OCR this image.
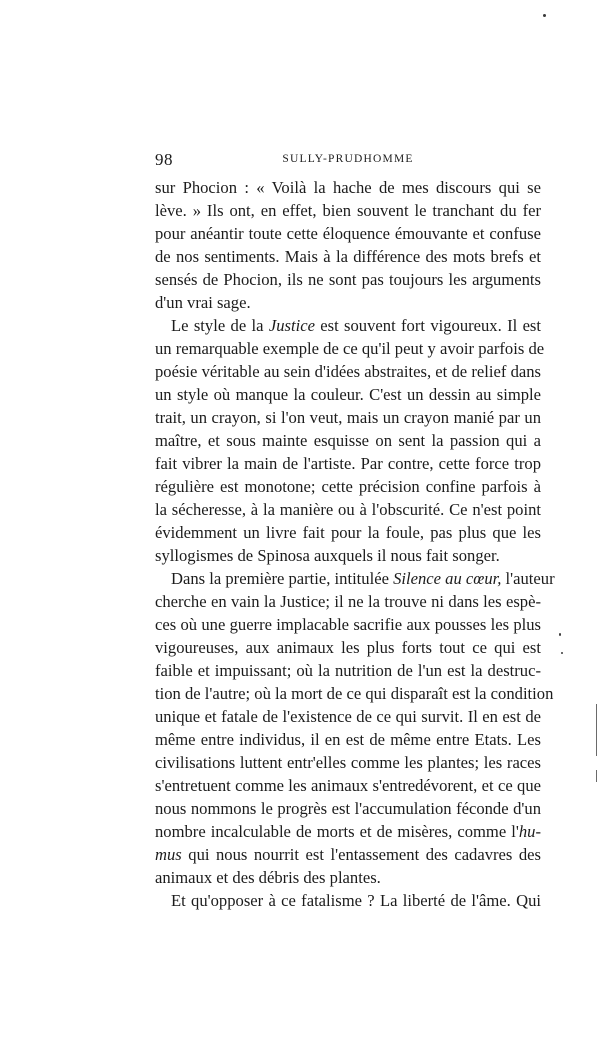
98	SULLY-PRUDHOMME
sur Phocion : « Voilà la hache de mes discours qui se
lève. » Ils ont, en effet, bien souvent le tranchant du fer
pour anéantir toute cette éloquence émouvante et confuse
de nos sentiments. Mais à la différence des mots brefs et
sensés de Phocion, ils ne sont pas toujours les arguments
d'un vrai sage.
Le style de la Justice est souvent fort vigoureux. Il est
un remarquable exemple de ce qu'il peut y avoir parfois de
poésie véritable au sein d'idées abstraites, et de relief dans
un style où manque la couleur. C'est un dessin au simple
trait, un crayon, si l'on veut, mais un crayon manié par un
maître, et sous mainte esquisse on sent la passion qui a
fait vibrer la main de l'artiste. Par contre, cette force trop
régulière est monotone; cette précision confine parfois à
la sécheresse, à la manière ou à l'obscurité. Ce n'est point
évidemment un livre fait pour la foule, pas plus que les
syllogismes de Spinosa auxquels il nous fait songer.
Dans la première partie, intitulée Silence au cœur, l'auteur
cherche en vain la Justice; il ne la trouve ni dans les espè-
ces où une guerre implacable sacrifie aux pousses les plus
vigoureuses, aux animaux les plus forts tout ce qui est
faible et impuissant; où la nutrition de l'un est la destruc-
tion de l'autre; où la mort de ce qui disparaît est la condition
unique et fatale de l'existence de ce qui survit. Il en est de
même entre individus, il en est de même entre Etats. Les
civilisations luttent entr'elles comme les plantes; les races
s'entretuent comme les animaux s'entredévorent, et ce que
nous nommons le progrès est l'accumulation féconde d'un
nombre incalculable de morts et de misères, comme l'hu-
mus qui nous nourrit est l'entassement des cadavres des
animaux et des débris des plantes.
Et qu'opposer à ce fatalisme ? La liberté de l'âme. Qui
